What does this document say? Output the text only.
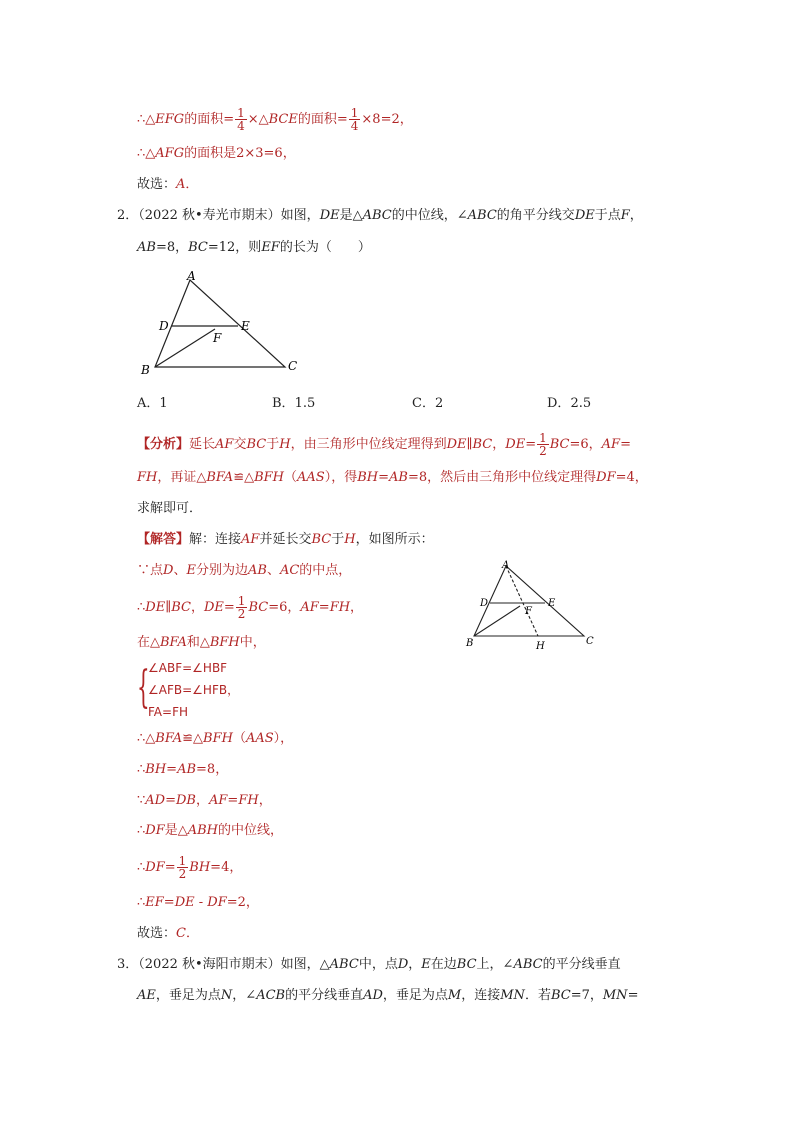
∴△EFG的面积= $\frac{1}{4}$ ×△BCE的面积= $\frac{1}{4} \times 8=2$，
∴△AFG的面积是2×3=6，
故选：A．
2．（2022 秋•寿光市期末）如图，DE是△ABC的中位线，∠ABC的角平分线交DE于点F，
AB=8，BC=12，则EF的长为（　　）
A
D	E
F
B	C
A．1	B．1.5	C．2	D．2.5
【分析】延长AF交BC于H，由三角形中位线定理得到DE∥BC，$DE= \frac{1}{2} BC=6$，AF=
FH，再证△BFA≌△BFH（AAS），得BH=AB=8，然后由三角形中位线定理得DF=4，
求解即可．
【解答】解：连接AF并延长交BC于H，如图所示：
∵点D、E分别为边AB、AC的中点，
∴DE∥BC，$DE= \frac{1}{2} BC=6$，AF=FH，
在△BFA和△BFH中，
{
∠ABF=∠HBF
∠AFB=∠HFB，
FA=FH
∴△BFA≌△BFH（AAS），
∴BH=AB=8，
∵AD=DB，AF=FH，
∴DF是△ABH的中位线，
∴DF= $\frac{1}{2} BH=4$，
∴EF=DE - DF=2，
故选：C．
A
D	E
F
B	H	C
3．（2022 秋•海阳市期末）如图，△ABC中，点D，E在边BC上，∠ABC的平分线垂直
AE，垂足为点N，∠ACB的平分线垂直AD，垂足为点M，连接MN．若BC=7，MN=
